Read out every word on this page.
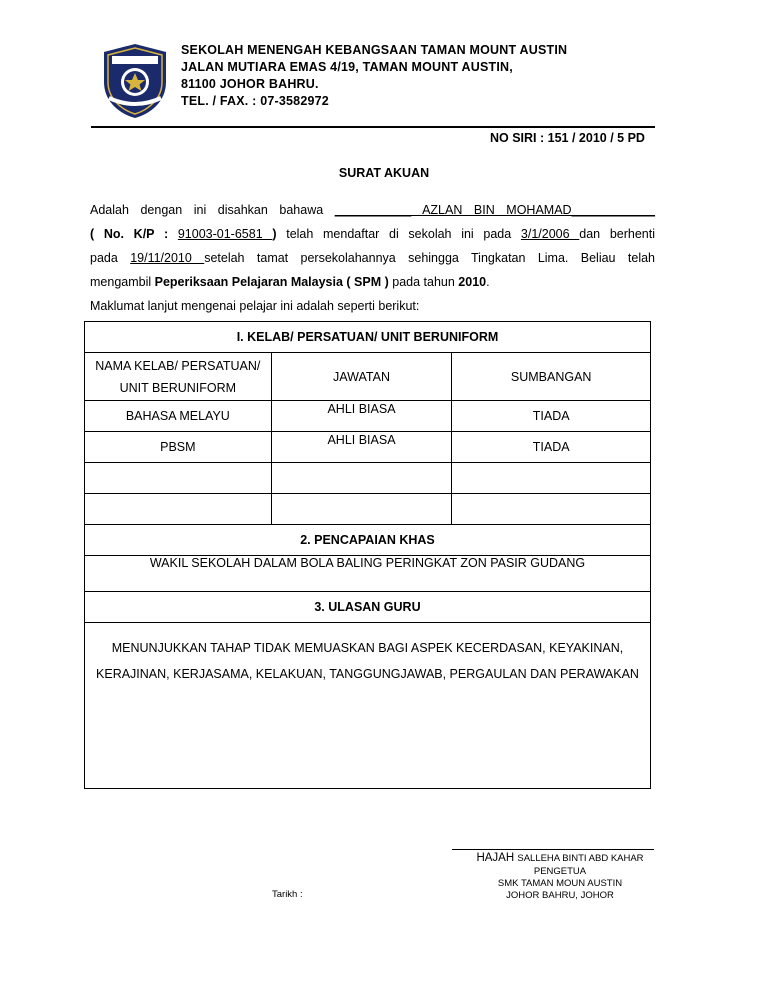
SEKOLAH MENENGAH KEBANGSAAN TAMAN MOUNT AUSTIN
JALAN MUTIARA EMAS 4/19, TAMAN MOUNT AUSTIN,
81100 JOHOR BAHRU.
TEL. / FAX. : 07-3582972
NO SIRI : 151 / 2010 / 5 PD
SURAT AKUAN
Adalah dengan ini disahkan bahawa ___________ AZLAN BIN MOHAMAD____________
( No. K/P : 91003-01-6581 ) telah mendaftar di sekolah ini pada 3/1/2006 dan berhenti
pada 19/11/2010 setelah tamat persekolahannya sehingga Tingkatan Lima. Beliau telah
mengambil Peperiksaan Pelajaran Malaysia ( SPM ) pada tahun 2010.
Maklumat lanjut mengenai pelajar ini adalah seperti berikut:
I. KELAB/ PERSATUAN/ UNIT BERUNIFORM		

NAMA KELAB/ PERSATUAN/
UNIT BERUNIFORM	JAWATAN	SUMBANGAN
BAHASA MELAYU	AHLI BIASA	TIADA
PBSM	AHLI BIASA	TIADA

2. PENCAPAIAN KHAS		
WAKIL SEKOLAH DALAM BOLA BALING PERINGKAT ZON PASIR GUDANG		
3. ULASAN GURU		

MENUNJUKKAN TAHAP TIDAK MEMUASKAN BAGI ASPEK KECERDASAN, KEYAKINAN,
KERAJINAN, KERJASAMA, KELAKUAN, TANGGUNGJAWAB, PERGAULAN DAN PERAWAKAN		
HAJAH SALLEHA BINTI ABD KAHAR
PENGETUA
SMK TAMAN MOUN AUSTIN
JOHOR BAHRU, JOHOR
Tarikh :
